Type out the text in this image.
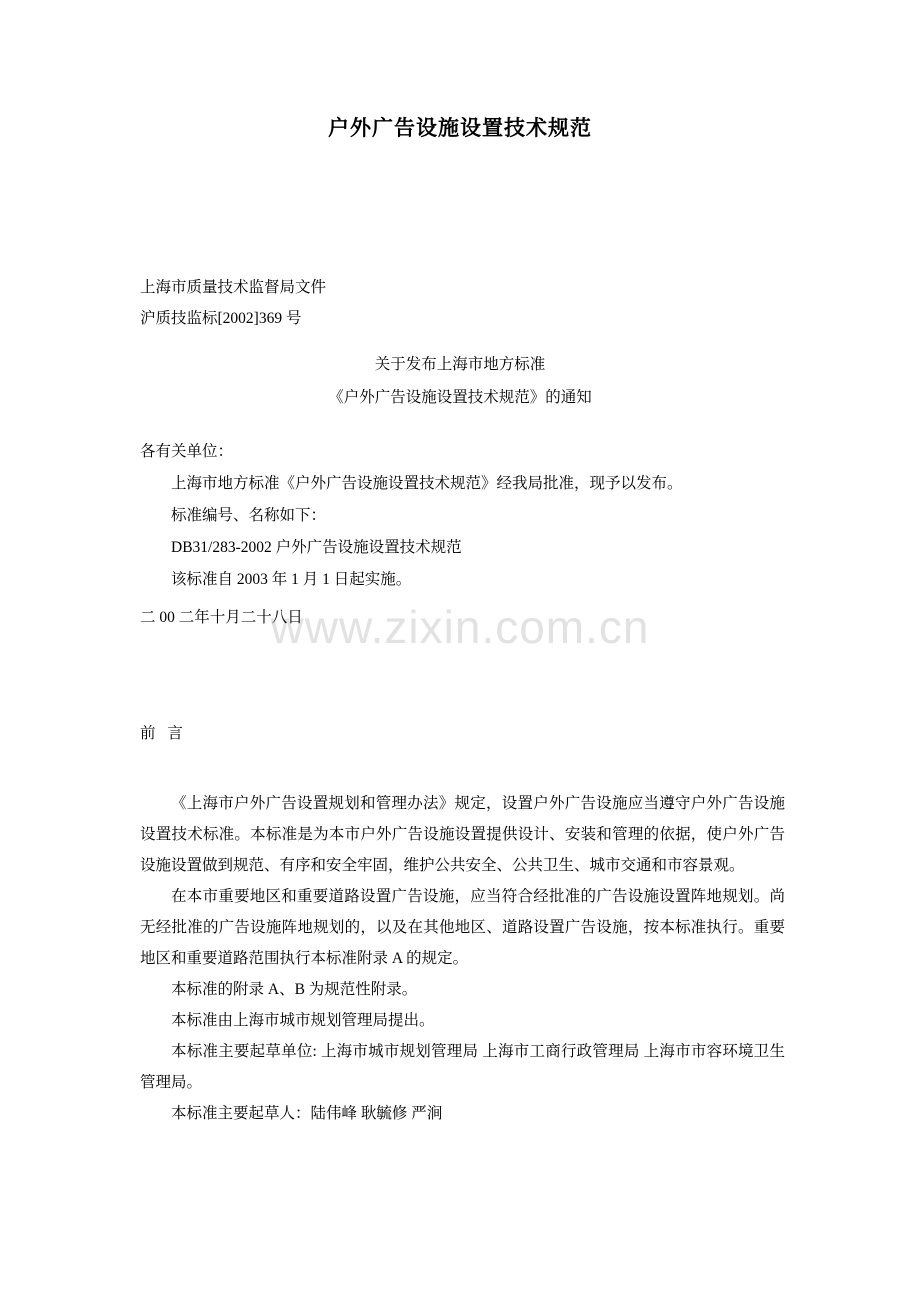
www.zixin.com.cn
户外广告设施设置技术规范
上海市质量技术监督局文件
沪质技监标[2002]369 号
关于发布上海市地方标准
《户外广告设施设置技术规范》的通知
各有关单位：
上海市地方标准《户外广告设施设置技术规范》经我局批准，现予以发布。
标准编号、名称如下：
DB31/283-2002 户外广告设施设置技术规范
该标准自 2003 年 1 月 1 日起实施。
二 00 二年十月二十八日
前 言

《上海市户外广告设置规划和管理办法》规定，设置户外广告设施应当遵守户外广告设施设置技术标准。本标准是为本市户外广告设施设置提供设计、安装和管理的依据，使户外广告设施设置做到规范、有序和安全牢固，维护公共安全、公共卫生、城市交通和市容景观。

在本市重要地区和重要道路设置广告设施，应当符合经批准的广告设施设置阵地规划。尚无经批准的广告设施阵地规划的，以及在其他地区、道路设置广告设施，按本标准执行。重要地区和重要道路范围执行本标准附录 A 的规定。

本标准的附录 A、B 为规范性附录。

本标准由上海市城市规划管理局提出。

本标准主要起草单位: 上海市城市规划管理局 上海市工商行政管理局 上海市市容环境卫生管理局。

本标准主要起草人：陆伟峰 耿毓修 严涧
